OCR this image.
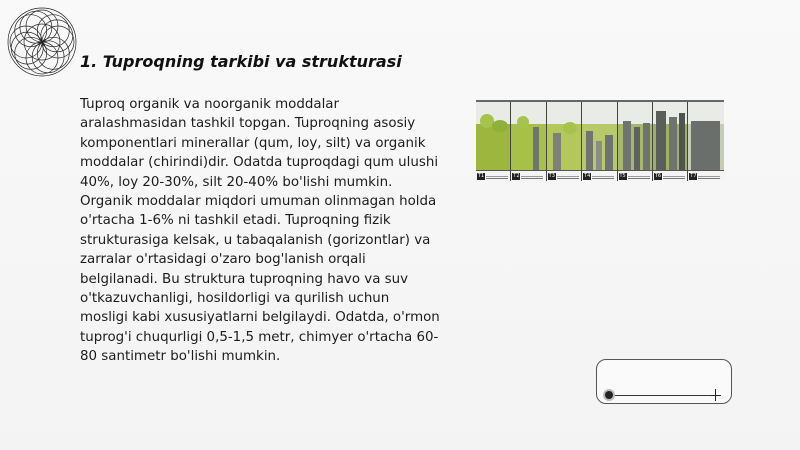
1. Tuproqning tarkibi va strukturasi

Tuproq organik va noorganik moddalar aralashmasidan tashkil topgan. Tuproqning asosiy komponentlari minerallar (qum, loy, silt) va organik moddalar (chirindi)dir. Odatda tuproqdagi qum ulushi 40%, loy 20-30%, silt 20-40% bo'lishi mumkin. Organik moddalar miqdori umuman olinmagan holda o'rtacha 1-6% ni tashkil etadi. Tuproqning fizik strukturasiga kelsak, u tabaqalanish (gorizontlar) va zarralar o'rtasidagi o'zaro bog'lanish orqali belgilanadi. Bu struktura tuproqning havo va suv o'tkazuvchanligi, hosildorligi va qurilish uchun mosligi kabi xususiyatlarni belgilaydi. Odatda, o'rmon tuprog'i chuqurligi 0,5-1,5 metr, chimyer o'rtacha 60-80 santimetr bo'lishi mumkin.

T1	T2	T3	T4	T5	T6	T7
